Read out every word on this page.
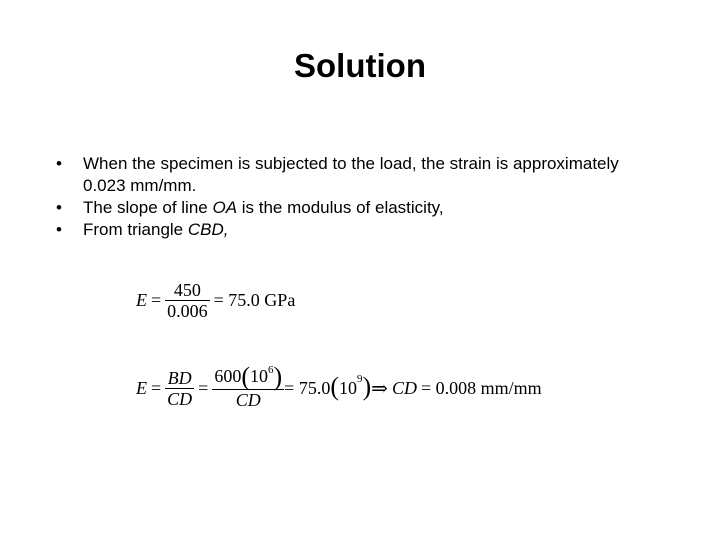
Solution
• When the specimen is subjected to the load, the strain is approximately 0.023 mm/mm.
• The slope of line OA is the modulus of elasticity,
• From triangle CBD,
$E = \frac{450}{0.006} = 75.0$ GPa
$E = \frac{BD}{CD} = \frac{600(10^6)}{CD} = 75.0$ ( 10 9 ) ⇒ CD = 0.008 mm/mm
